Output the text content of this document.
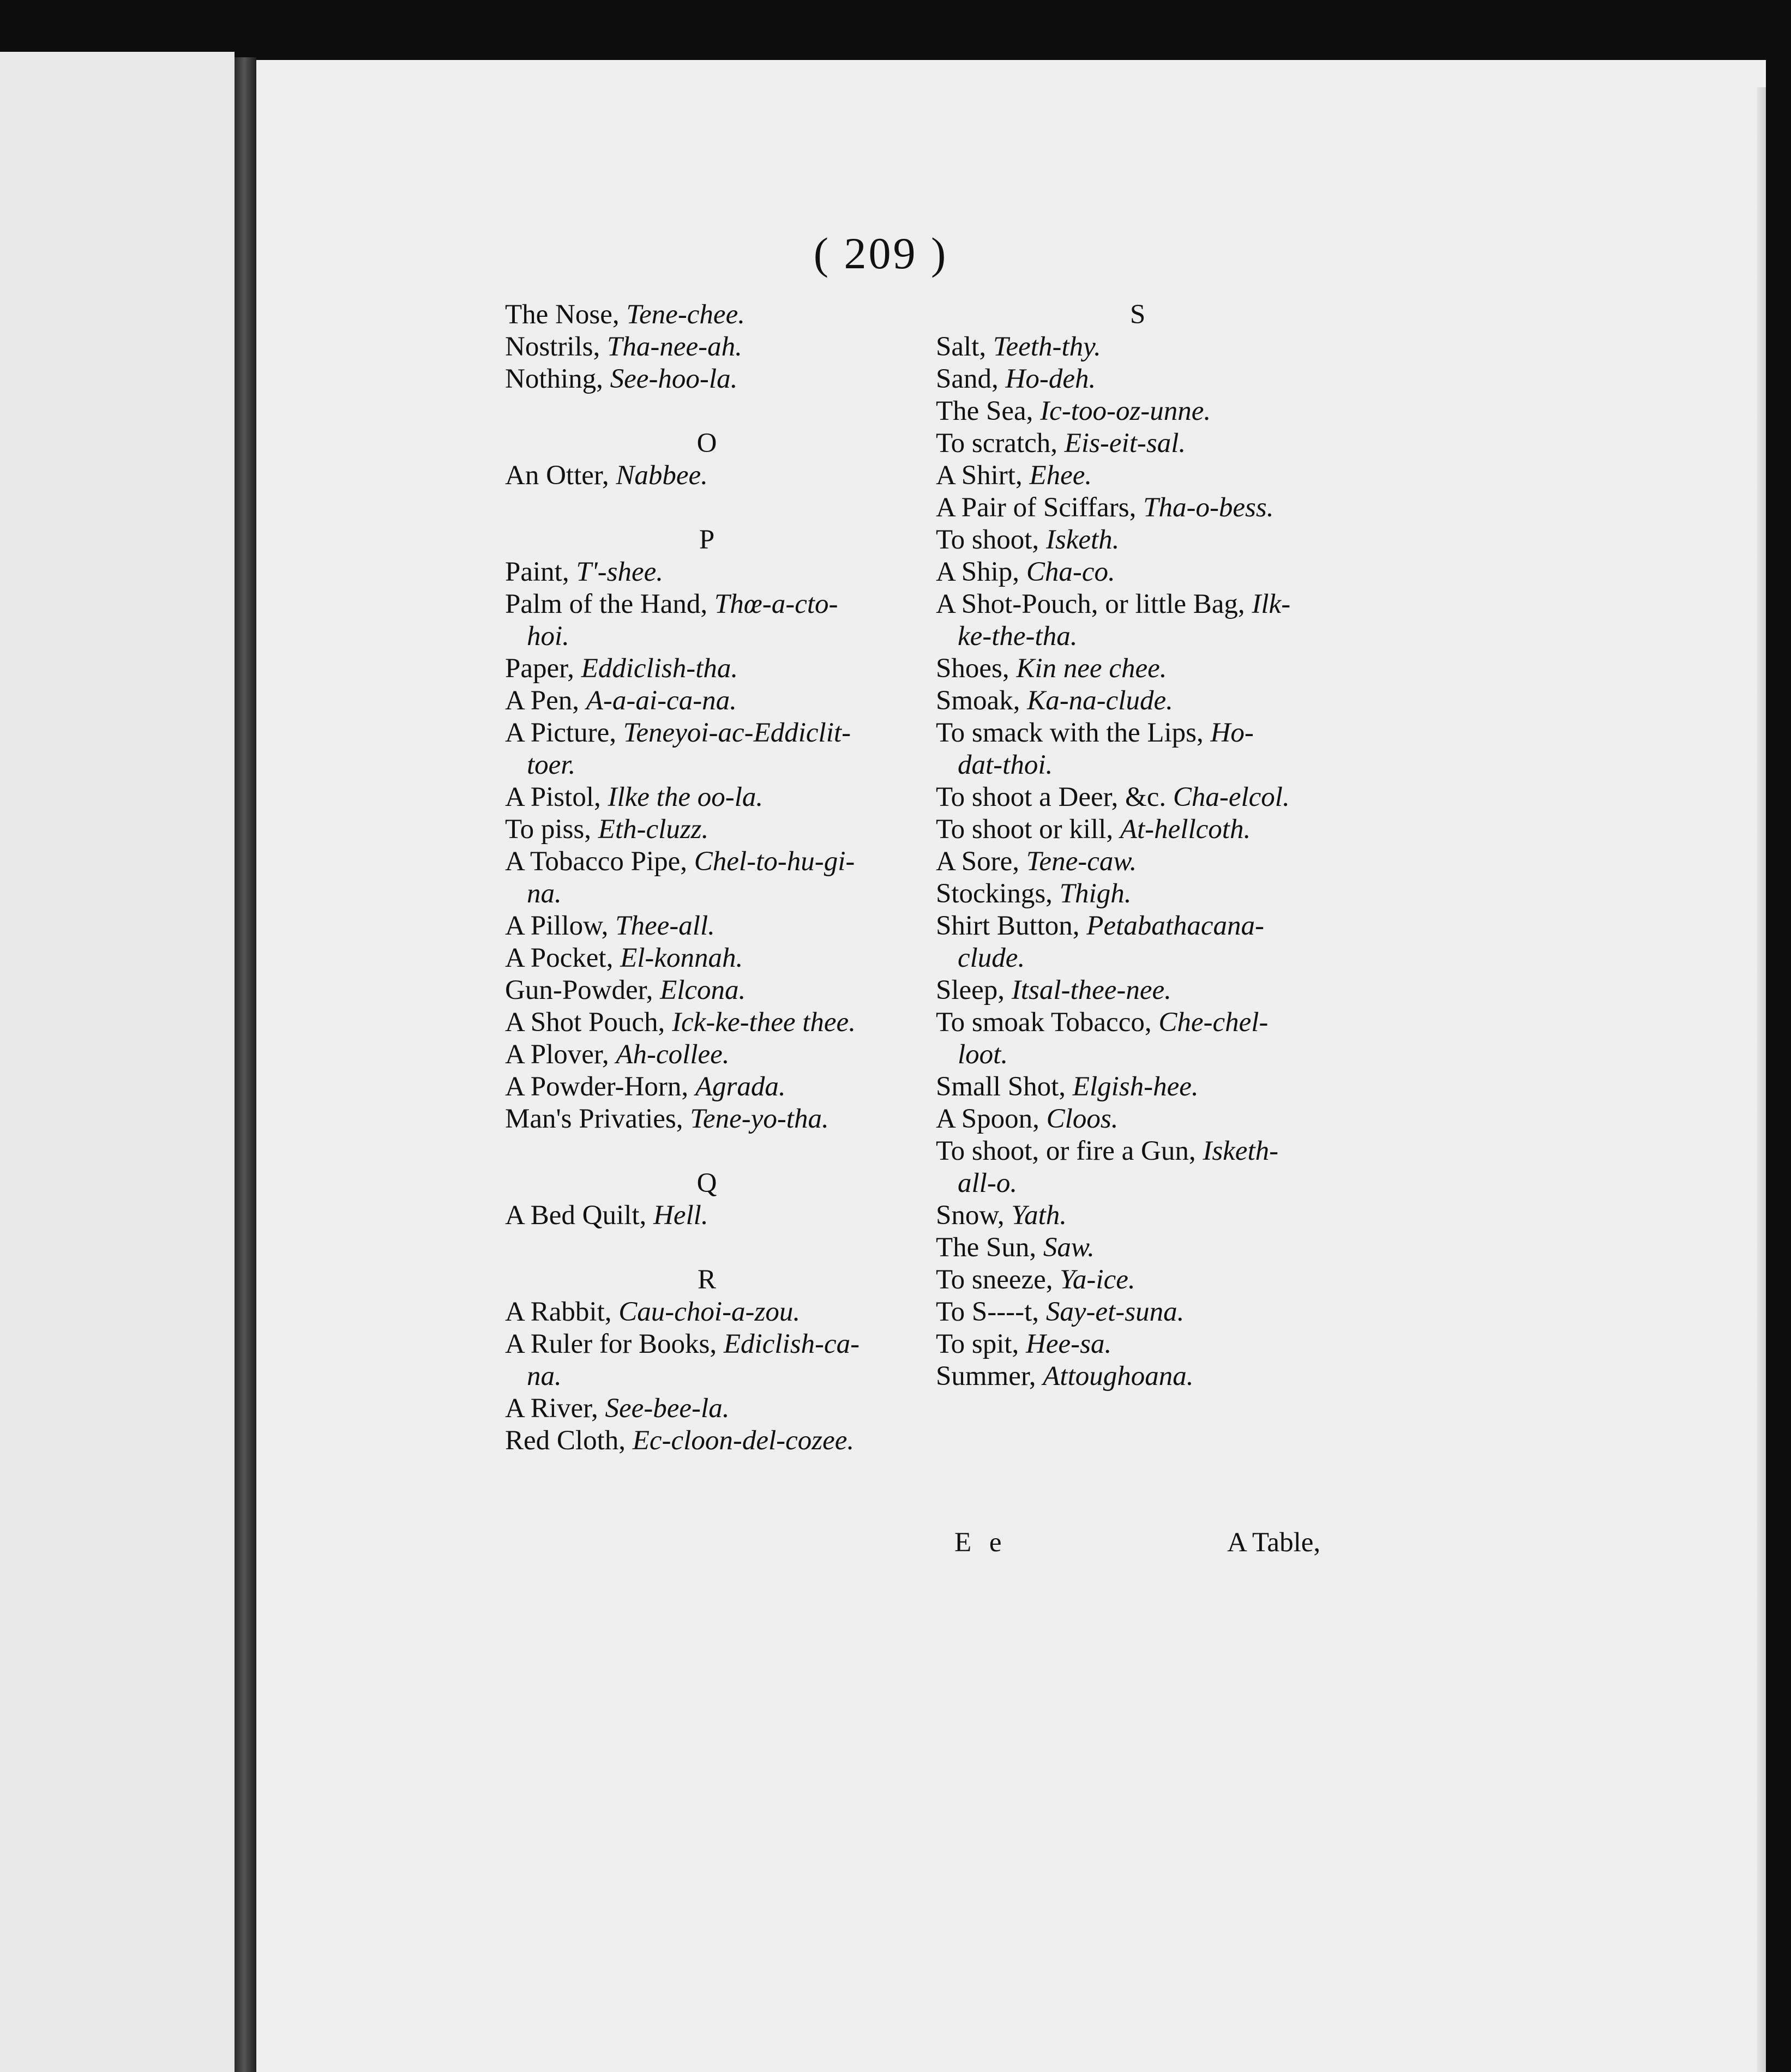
( 209 )
The Nose, Tene-chee.
Nostrils, Tha-nee-ah.
Nothing, See-hoo-la.
O
An Otter, Nabbee.
P
Paint, T'-shee.
Palm of the Hand, Thœ-a-cto-
hoi.
Paper, Eddiclish-tha.
A Pen, A-a-ai-ca-na.
A Picture, Teneyoi-ac-Eddiclit-
toer.
A Pistol, Ilke the oo-la.
To piss, Eth-cluzz.
A Tobacco Pipe, Chel-to-hu-gi-
na.
A Pillow, Thee-all.
A Pocket, El-konnah.
Gun-Powder, Elcona.
A Shot Pouch, Ick-ke-thee thee.
A Plover, Ah-collee.
A Powder-Horn, Agrada.
Man's Privaties, Tene-yo-tha.
Q
A Bed Quilt, Hell.
R
A Rabbit, Cau-choi-a-zou.
A Ruler for Books, Ediclish-ca-
na.
A River, See-bee-la.
Red Cloth, Ec-cloon-del-cozee.
S
Salt, Teeth-thy.
Sand, Ho-deh.
The Sea, Ic-too-oz-unne.
To scratch, Eis-eit-sal.
A Shirt, Ehee.
A Pair of Sciffars, Tha-o-bess.
To shoot, Isketh.
A Ship, Cha-co.
A Shot-Pouch, or little Bag, Ilk-
ke-the-tha.
Shoes, Kin nee chee.
Smoak, Ka-na-clude.
To smack with the Lips, Ho-
dat-thoi.
To shoot a Deer, &c. Cha-elcol.
To shoot or kill, At-hellcoth.
A Sore, Tene-caw.
Stockings, Thigh.
Shirt Button, Petabathacana-
clude.
Sleep, Itsal-thee-nee.
To smoak Tobacco, Che-chel-
loot.
Small Shot, Elgish-hee.
A Spoon, Cloos.
To shoot, or fire a Gun, Isketh-
all-o.
Snow, Yath.
The Sun, Saw.
To sneeze, Ya-ice.
To S----t, Say-et-suna.
To spit, Hee-sa.
Summer, Attoughoana.
E e	A Table,
